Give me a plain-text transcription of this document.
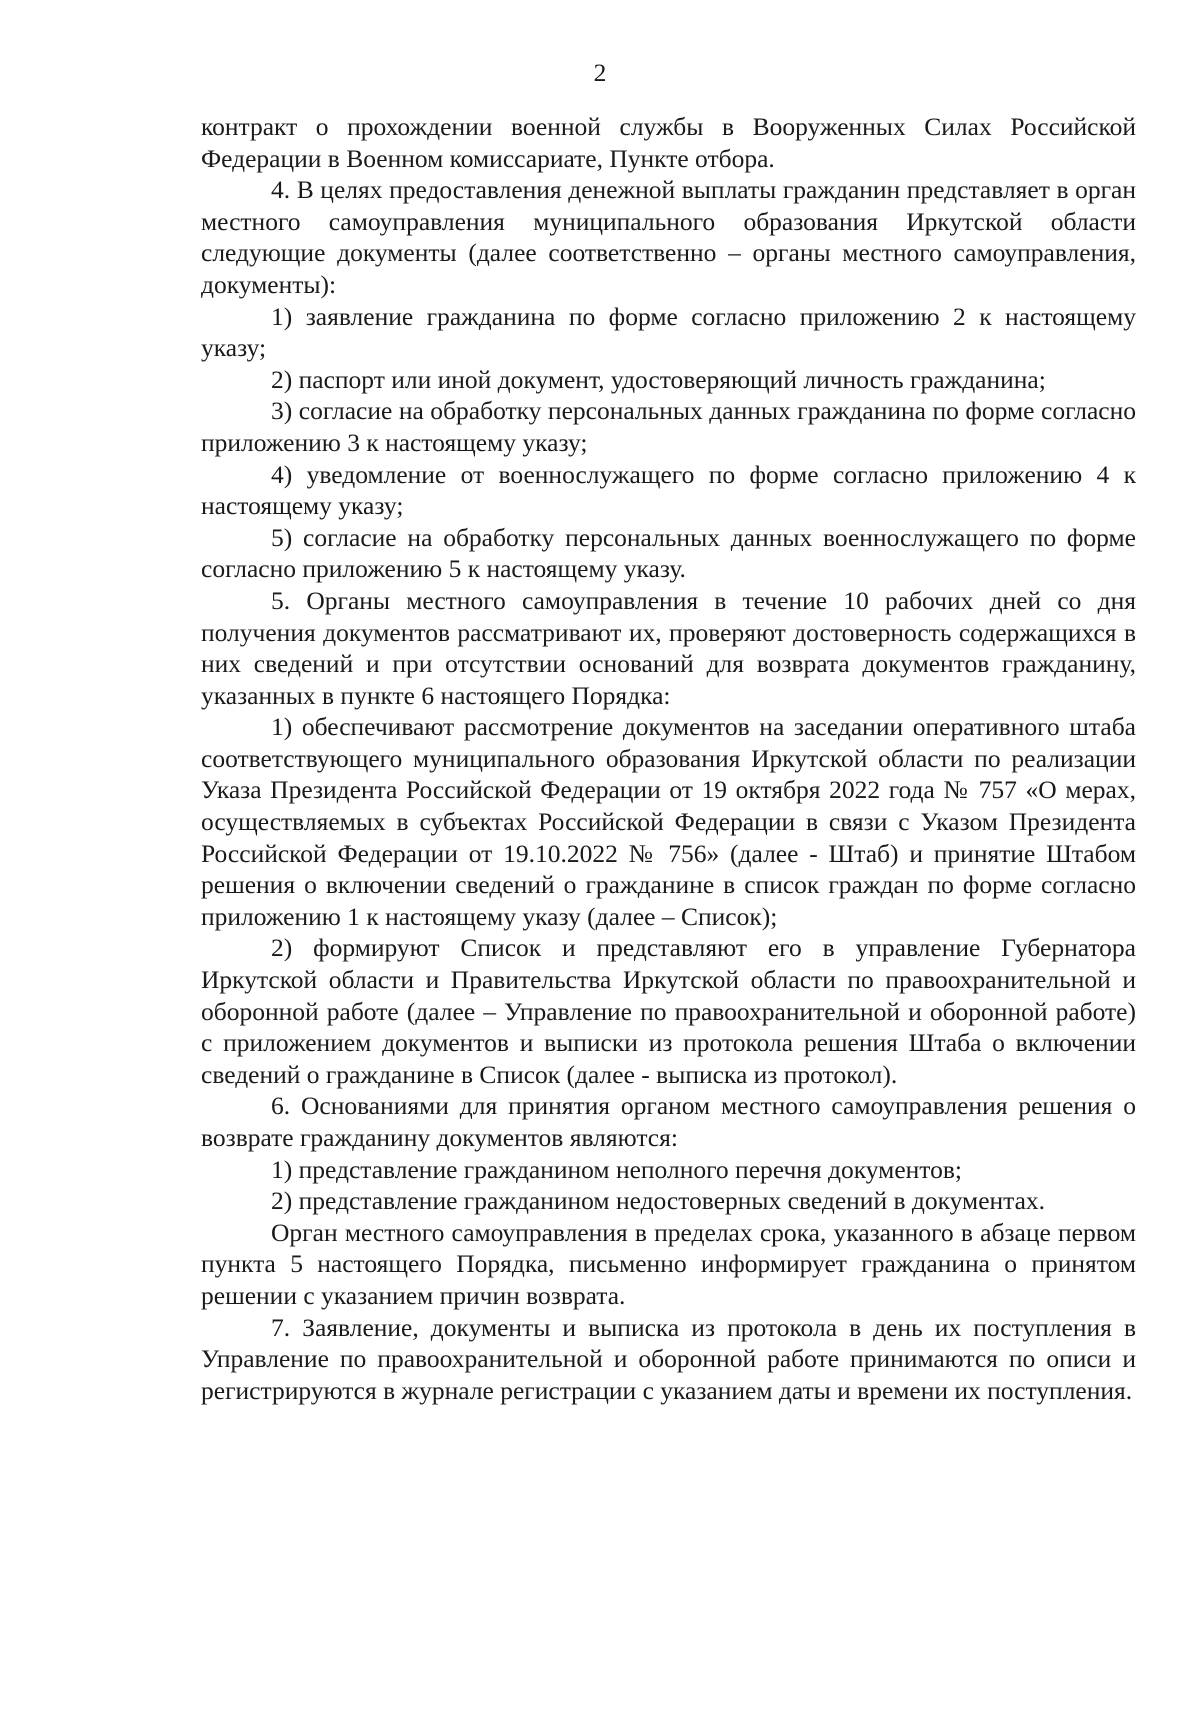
2

контракт о прохождении военной службы в Вооруженных Силах Российской Федерации в Военном комиссариате, Пункте отбора.

4. В целях предоставления денежной выплаты гражданин представляет в орган местного самоуправления муниципального образования Иркутской области следующие документы (далее соответственно – органы местного самоуправления, документы):

1) заявление гражданина по форме согласно приложению 2 к настоящему указу;

2) паспорт или иной документ, удостоверяющий личность гражданина;

3) согласие на обработку персональных данных гражданина по форме согласно приложению 3 к настоящему указу;

4) уведомление от военнослужащего по форме согласно приложению 4 к настоящему указу;

5) согласие на обработку персональных данных военнослужащего по форме согласно приложению 5 к настоящему указу.

5. Органы местного самоуправления в течение 10 рабочих дней со дня получения документов рассматривают их, проверяют достоверность содержащихся в них сведений и при отсутствии оснований для возврата документов гражданину, указанных в пункте 6 настоящего Порядка:

1) обеспечивают рассмотрение документов на заседании оперативного штаба соответствующего муниципального образования Иркутской области по реализации Указа Президента Российской Федерации от 19 октября 2022 года № 757 «О мерах, осуществляемых в субъектах Российской Федерации в связи с Указом Президента Российской Федерации от 19.10.2022 № 756» (далее - Штаб) и принятие Штабом решения о включении сведений о гражданине в список граждан по форме согласно приложению 1 к настоящему указу (далее – Список);

2) формируют Список и представляют его в управление Губернатора Иркутской области и Правительства Иркутской области по правоохранительной и оборонной работе (далее – Управление по правоохранительной и оборонной работе) с приложением документов и выписки из протокола решения Штаба о включении сведений о гражданине в Список (далее - выписка из протокол).

6. Основаниями для принятия органом местного самоуправления решения о возврате гражданину документов являются:

1) представление гражданином неполного перечня документов;

2) представление гражданином недостоверных сведений в документах.

Орган местного самоуправления в пределах срока, указанного в абзаце первом пункта 5 настоящего Порядка, письменно информирует гражданина о принятом решении с указанием причин возврата.

7. Заявление, документы и выписка из протокола в день их поступления в Управление по правоохранительной и оборонной работе принимаются по описи и регистрируются в журнале регистрации с указанием даты и времени их поступления.
